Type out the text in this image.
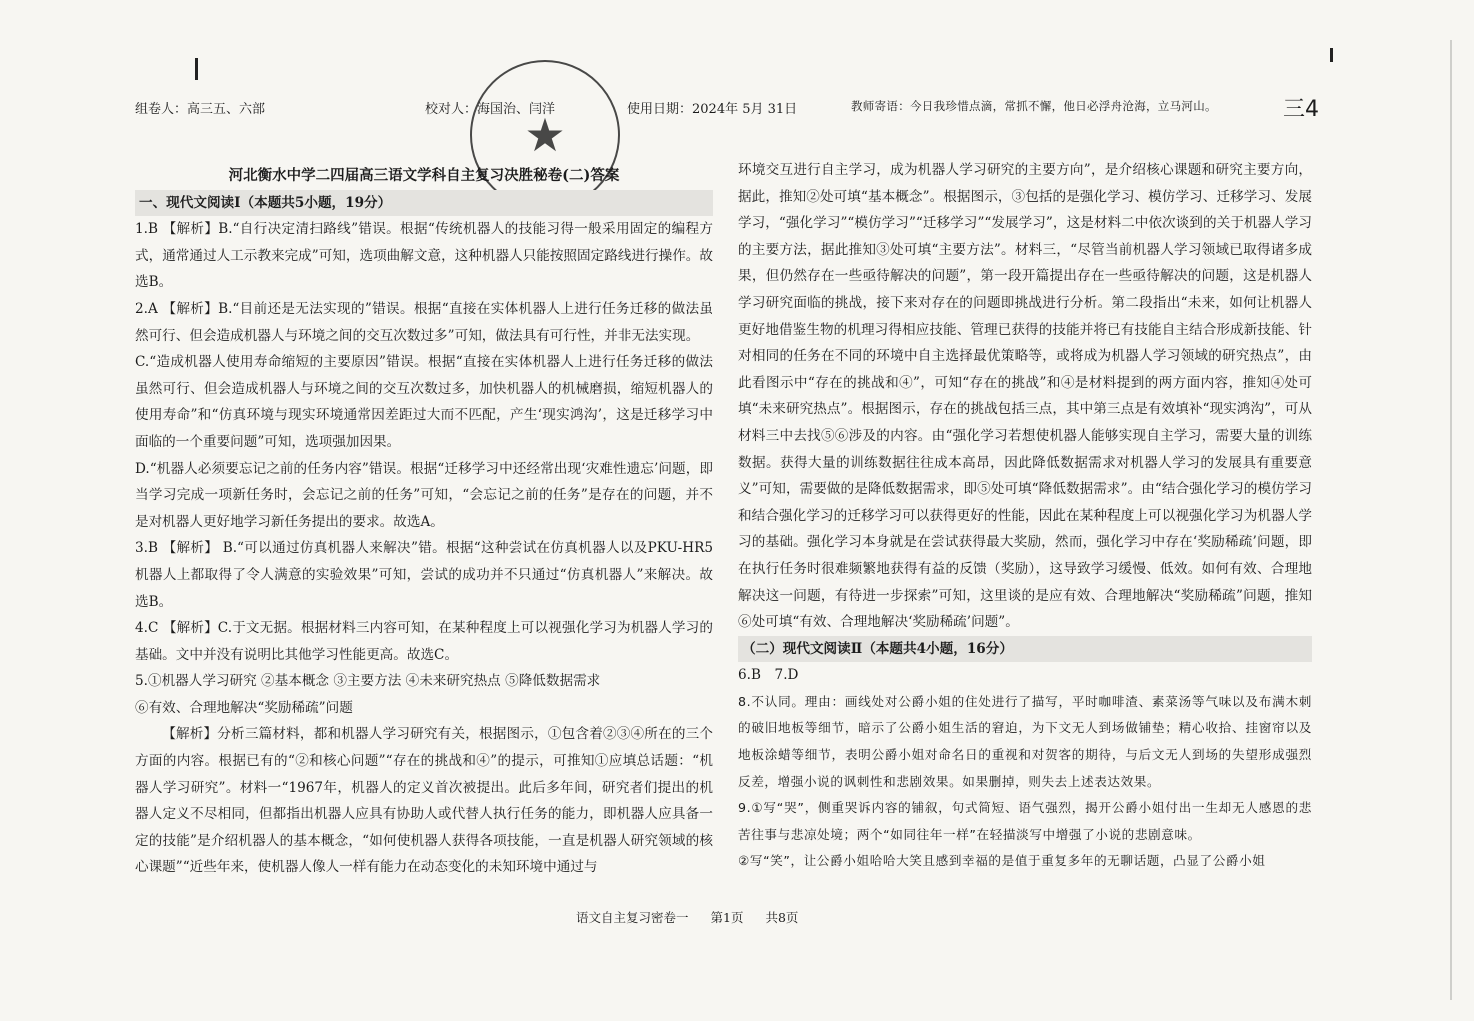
组卷人：高三五、六部	校对人：海国治、闫洋	使用日期：2024年 5月 31日	教师寄语：今日我珍惜点滴，常抓不懈，他日必浮舟沧海，立马河山。	三4
★

河北衡水中学二四届高三语文学科自主复习决胜秘卷(二)答案

一、现代文阅读Ⅰ（本题共5小题，19分）

1.B 【解析】B.“自行决定清扫路线”错误。根据“传统机器人的技能习得一般采用固定的编程方式，通常通过人工示教来完成”可知，选项曲解文意，这种机器人只能按照固定路线进行操作。故选B。

2.A 【解析】B.“目前还是无法实现的”错误。根据“直接在实体机器人上进行任务迁移的做法虽然可行、但会造成机器人与环境之间的交互次数过多”可知，做法具有可行性，并非无法实现。

C.“造成机器人使用寿命缩短的主要原因”错误。根据“直接在实体机器人上进行任务迁移的做法虽然可行、但会造成机器人与环境之间的交互次数过多，加快机器人的机械磨损，缩短机器人的使用寿命”和“仿真环境与现实环境通常因差距过大而不匹配，产生‘现实鸿沟’，这是迁移学习中面临的一个重要问题”可知，选项强加因果。

D.“机器人必须要忘记之前的任务内容”错误。根据“迁移学习中还经常出现‘灾难性遗忘’问题，即当学习完成一项新任务时，会忘记之前的任务”可知，“会忘记之前的任务”是存在的问题，并不是对机器人更好地学习新任务提出的要求。故选A。

3.B 【解析】 B.“可以通过仿真机器人来解决”错。根据“这种尝试在仿真机器人以及PKU-HR5机器人上都取得了令人满意的实验效果”可知，尝试的成功并不只通过“仿真机器人”来解决。故选B。

4.C 【解析】C.于文无据。根据材料三内容可知，在某种程度上可以视强化学习为机器人学习的基础。文中并没有说明比其他学习性能更高。故选C。

5.①机器人学习研究 ②基本概念 ③主要方法 ④未来研究热点 ⑤降低数据需求

⑥有效、合理地解决“奖励稀疏”问题

【解析】分析三篇材料，都和机器人学习研究有关，根据图示，①包含着②③④所在的三个方面的内容。根据已有的“②和核心问题”“存在的挑战和④”的提示，可推知①应填总话题：“机器人学习研究”。材料一“1967年，机器人的定义首次被提出。此后多年间，研究者们提出的机器人定义不尽相同，但都指出机器人应具有协助人或代替人执行任务的能力，即机器人应具备一定的技能”是介绍机器人的基本概念，“如何使机器人获得各项技能，一直是机器人研究领域的核心课题”“近些年来，使机器人像人一样有能力在动态变化的未知环境中通过与

环境交互进行自主学习，成为机器人学习研究的主要方向”，是介绍核心课题和研究主要方向，据此，推知②处可填“基本概念”。根据图示，③包括的是强化学习、模仿学习、迁移学习、发展学习，“强化学习”“模仿学习”“迁移学习”“发展学习”，这是材料二中依次谈到的关于机器人学习的主要方法，据此推知③处可填“主要方法”。材料三，“尽管当前机器人学习领域已取得诸多成果，但仍然存在一些亟待解决的问题”，第一段开篇提出存在一些亟待解决的问题，这是机器人学习研究面临的挑战，接下来对存在的问题即挑战进行分析。第二段指出“未来，如何让机器人更好地借鉴生物的机理习得相应技能、管理已获得的技能并将已有技能自主结合形成新技能、针对相同的任务在不同的环境中自主选择最优策略等，或将成为机器人学习领域的研究热点”，由此看图示中“存在的挑战和④”，可知“存在的挑战”和④是材料提到的两方面内容，推知④处可填“未来研究热点”。根据图示，存在的挑战包括三点，其中第三点是有效填补“现实鸿沟”，可从材料三中去找⑤⑥涉及的内容。由“强化学习若想使机器人能够实现自主学习，需要大量的训练数据。获得大量的训练数据往往成本高昂，因此降低数据需求对机器人学习的发展具有重要意义”可知，需要做的是降低数据需求，即⑤处可填“降低数据需求”。由“结合强化学习的模仿学习和结合强化学习的迁移学习可以获得更好的性能，因此在某种程度上可以视强化学习为机器人学习的基础。强化学习本身就是在尝试获得最大奖励，然而，强化学习中存在‘奖励稀疏’问题，即在执行任务时很难频繁地获得有益的反馈（奖励），这导致学习缓慢、低效。如何有效、合理地解决这一问题，有待进一步探索”可知，这里谈的是应有效、合理地解决“奖励稀疏”问题，推知⑥处可填“有效、合理地解决‘奖励稀疏’问题”。

（二）现代文阅读Ⅱ（本题共4小题，16分）

6.B　7.D

8.不认同。理由：画线处对公爵小姐的住处进行了描写，平时咖啡渣、素菜汤等气味以及布满木刺的破旧地板等细节，暗示了公爵小姐生活的窘迫，为下文无人到场做铺垫；精心收拾、挂窗帘以及地板涂蜡等细节，表明公爵小姐对命名日的重视和对贺客的期待，与后文无人到场的失望形成强烈反差，增强小说的讽刺性和悲剧效果。如果删掉，则失去上述表达效果。

9.①写“哭”，侧重哭诉内容的铺叙，句式简短、语气强烈，揭开公爵小姐付出一生却无人感恩的悲苦往事与悲凉处境；两个“如同往年一样”在轻描淡写中增强了小说的悲剧意味。

②写“笑”，让公爵小姐哈哈大笑且感到幸福的是值于重复多年的无聊话题，凸显了公爵小姐

语文自主复习密卷一 第1页 共8页
